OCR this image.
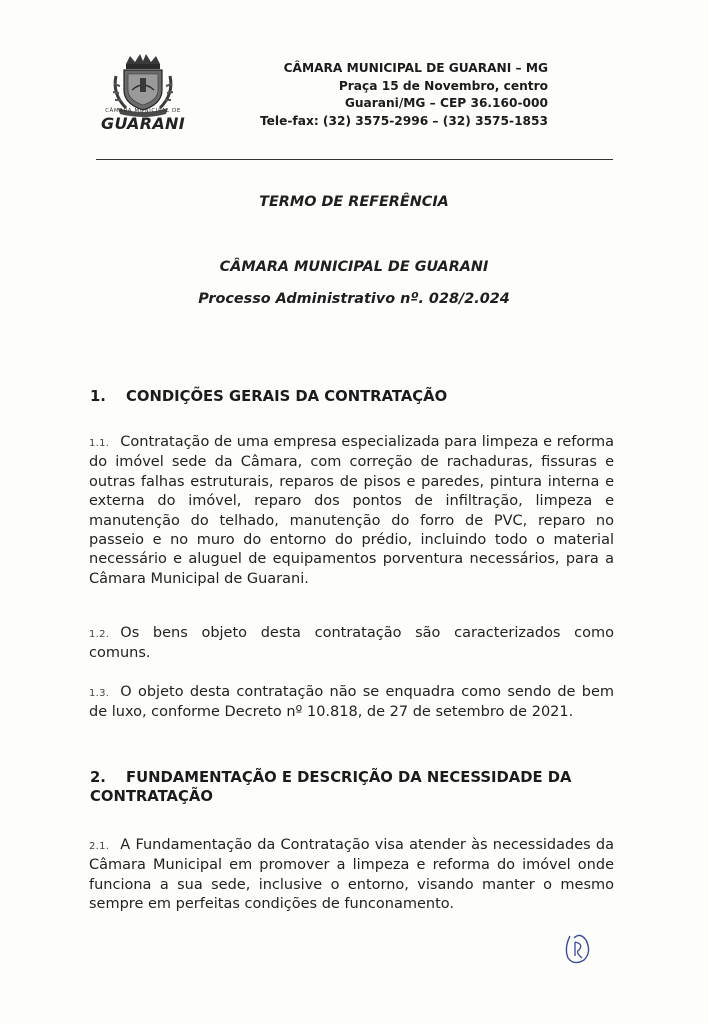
CÂMARA MUNICIPAL DE
GUARANI
CÂMARA MUNICIPAL DE GUARANI – MG
Praça 15 de Novembro, centro
Guarani/MG – CEP 36.160-000
Tele-fax: (32) 3575-2996 – (32) 3575-1853
TERMO DE REFERÊNCIA
CÂMARA MUNICIPAL DE GUARANI
Processo Administrativo nº. 028/2.024
1. CONDIÇÕES GERAIS DA CONTRATAÇÃO
1.1. Contratação de uma empresa especializada para limpeza e reforma do imóvel sede da Câmara, com correção de rachaduras, fissuras e outras falhas estruturais, reparos de pisos e paredes, pintura interna e externa do imóvel, reparo dos pontos de infiltração, limpeza e manutenção do telhado, manutenção do forro de PVC, reparo no passeio e no muro do entorno do prédio, incluindo todo o material necessário e aluguel de equipamentos porventura necessários, para a Câmara Municipal de Guarani.
1.2. Os bens objeto desta contratação são caracterizados como comuns.
1.3. O objeto desta contratação não se enquadra como sendo de bem de luxo, conforme Decreto nº 10.818, de 27 de setembro de 2021.
2. FUNDAMENTAÇÃO E DESCRIÇÃO DA NECESSIDADE DA CONTRATAÇÃO
2.1. A Fundamentação da Contratação visa atender às necessidades da Câmara Municipal em promover a limpeza e reforma do imóvel onde funciona a sua sede, inclusive o entorno, visando manter o mesmo sempre em perfeitas condições de funconamento.
